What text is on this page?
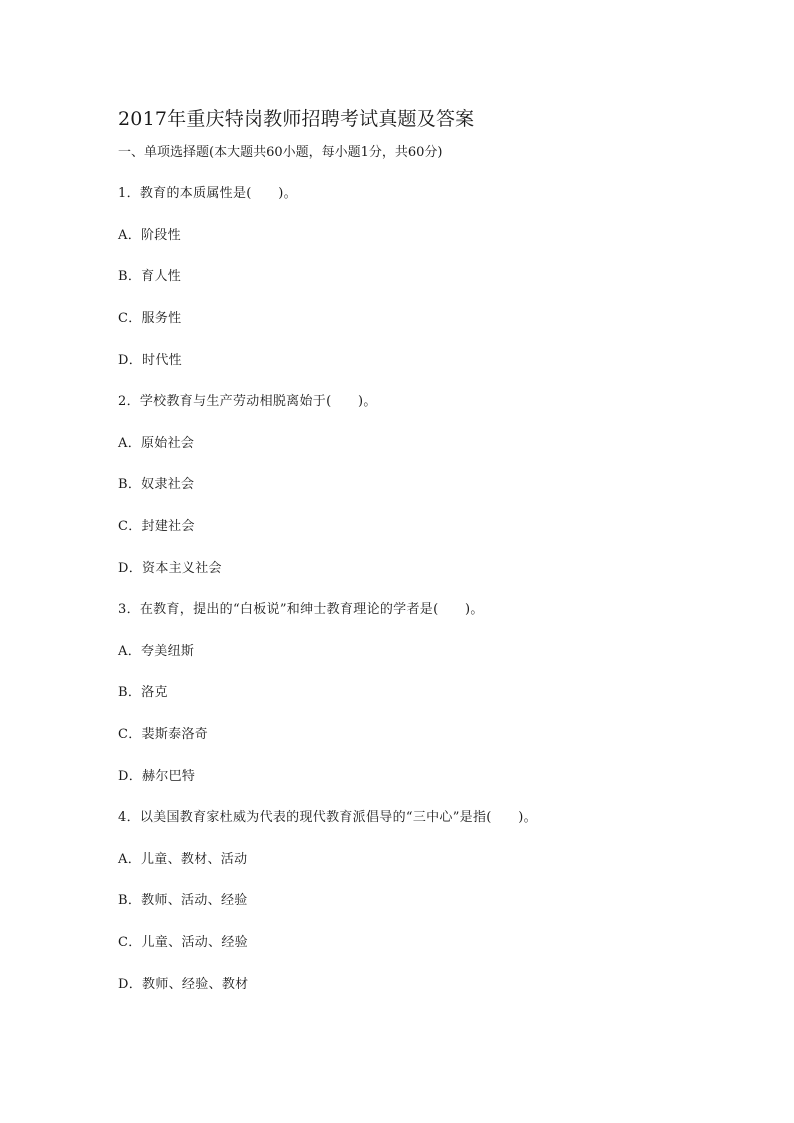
2017年重庆特岗教师招聘考试真题及答案
一、单项选择题(本大题共60小题，每小题1分，共60分)
1．教育的本质属性是(　　)。
A．阶段性
B．育人性
C．服务性
D．时代性
2．学校教育与生产劳动相脱离始于(　　)。
A．原始社会
B．奴隶社会
C．封建社会
D．资本主义社会
3．在教育，提出的“白板说”和绅士教育理论的学者是(　　)。
A．夸美纽斯
B．洛克
C．裴斯泰洛奇
D．赫尔巴特
4．以美国教育家杜威为代表的现代教育派倡导的“三中心”是指(　　)。
A．儿童、教材、活动
B．教师、活动、经验
C．儿童、活动、经验
D．教师、经验、教材
